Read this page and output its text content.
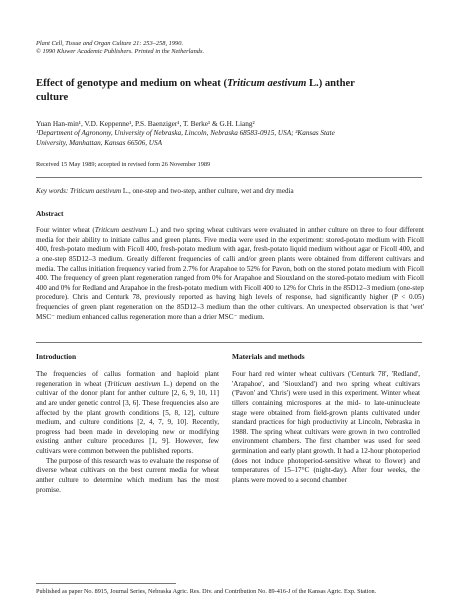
Plant Cell, Tissue and Organ Culture 21: 253–258, 1990.
© 1990 Kluwer Academic Publishers. Printed in the Netherlands.
Effect of genotype and medium on wheat (Triticum aestivum L.) anther
culture
Yuan Han-min¹, V.D. Keppenne¹, P.S. Baenziger¹, T. Berke¹ & G.H. Liang²
¹Department of Agronomy, University of Nebraska, Lincoln, Nebraska 68583-0915, USA; ²Kansas State
University, Manhattan, Kansas 66506, USA
Received 15 May 1989; accepted in revised form 26 November 1989
Key words: Triticum aestivum L., one-step and two-step, anther culture, wet and dry media
Abstract

Four winter wheat (Triticum aestivum L.) and two spring wheat cultivars were evaluated in anther culture on three to four different media for their ability to initiate callus and green plants. Five media were used in the experiment: stored-potato medium with Ficoll 400, fresh-potato medium with Ficoll 400, fresh-potato medium with agar, fresh-potato liquid medium without agar or Ficoll 400, and a one-step 85D12–3 medium. Greatly different frequencies of calli and/or green plants were obtained from different cultivars and media. The callus initiation frequency varied from 2.7% for Arapahoe to 52% for Pavon, both on the stored potato medium with Ficoll 400. The frequency of green plant regeneration ranged from 0% for Arapahoe and Siouxland on the stored-potato medium with Ficoll 400 and 0% for Redland and Arapahoe in the fresh-potato medium with Ficoll 400 to 12% for Chris in the 85D12–3 medium (one-step procedure). Chris and Centurk 78, previously reported as having high levels of response, had significantly higher (P < 0.05) frequencies of green plant regeneration on the 85D12–3 medium than the other cultivars. An unexpected observation is that 'wet' MSC⁻ medium enhanced callus regeneration more than a drier MSC⁻ medium.

Introduction	Materials and methods

The frequencies of callus formation and haploid plant regeneration in wheat (Triticum aestivum L.) depend on the cultivar of the donor plant for anther culture [2, 6, 9, 10, 11] and are under genetic control [3, 6]. These frequencies also are affected by the plant growth conditions [5, 8, 12], culture medium, and culture conditions [2, 4, 7, 9, 10]. Recently, progress had been made in developing new or modifying existing anther culture procedures [1, 9]. However, few cultivars were common between the published reports.

The purpose of this research was to evaluate the response of diverse wheat cultivars on the best current media for wheat anther culture to determine which medium has the most promise.

Four hard red winter wheat cultivars ('Centurk 78', 'Redland', 'Arapahoe', and 'Siouxland') and two spring wheat cultivars ('Pavon' and 'Chris') were used in this experiment. Winter wheat tillers containing microspores at the mid- to late-uninucleate stage were obtained from field-grown plants cultivated under standard practices for high productivity at Lincoln, Nebraska in 1988. The spring wheat cultivars were grown in two controlled environment chambers. The first chamber was used for seed germination and early plant growth. It had a 12-hour photoperiod (does not induce photoperiod-sensitive wheat to flower) and temperatures of 15–17°C (night-day). After four weeks, the plants were moved to a second chamber

Published as paper No. 8915, Journal Series, Nebraska Agric. Res. Div. and Contribution No. 89-416-J of the Kansas Agric. Exp. Station.
